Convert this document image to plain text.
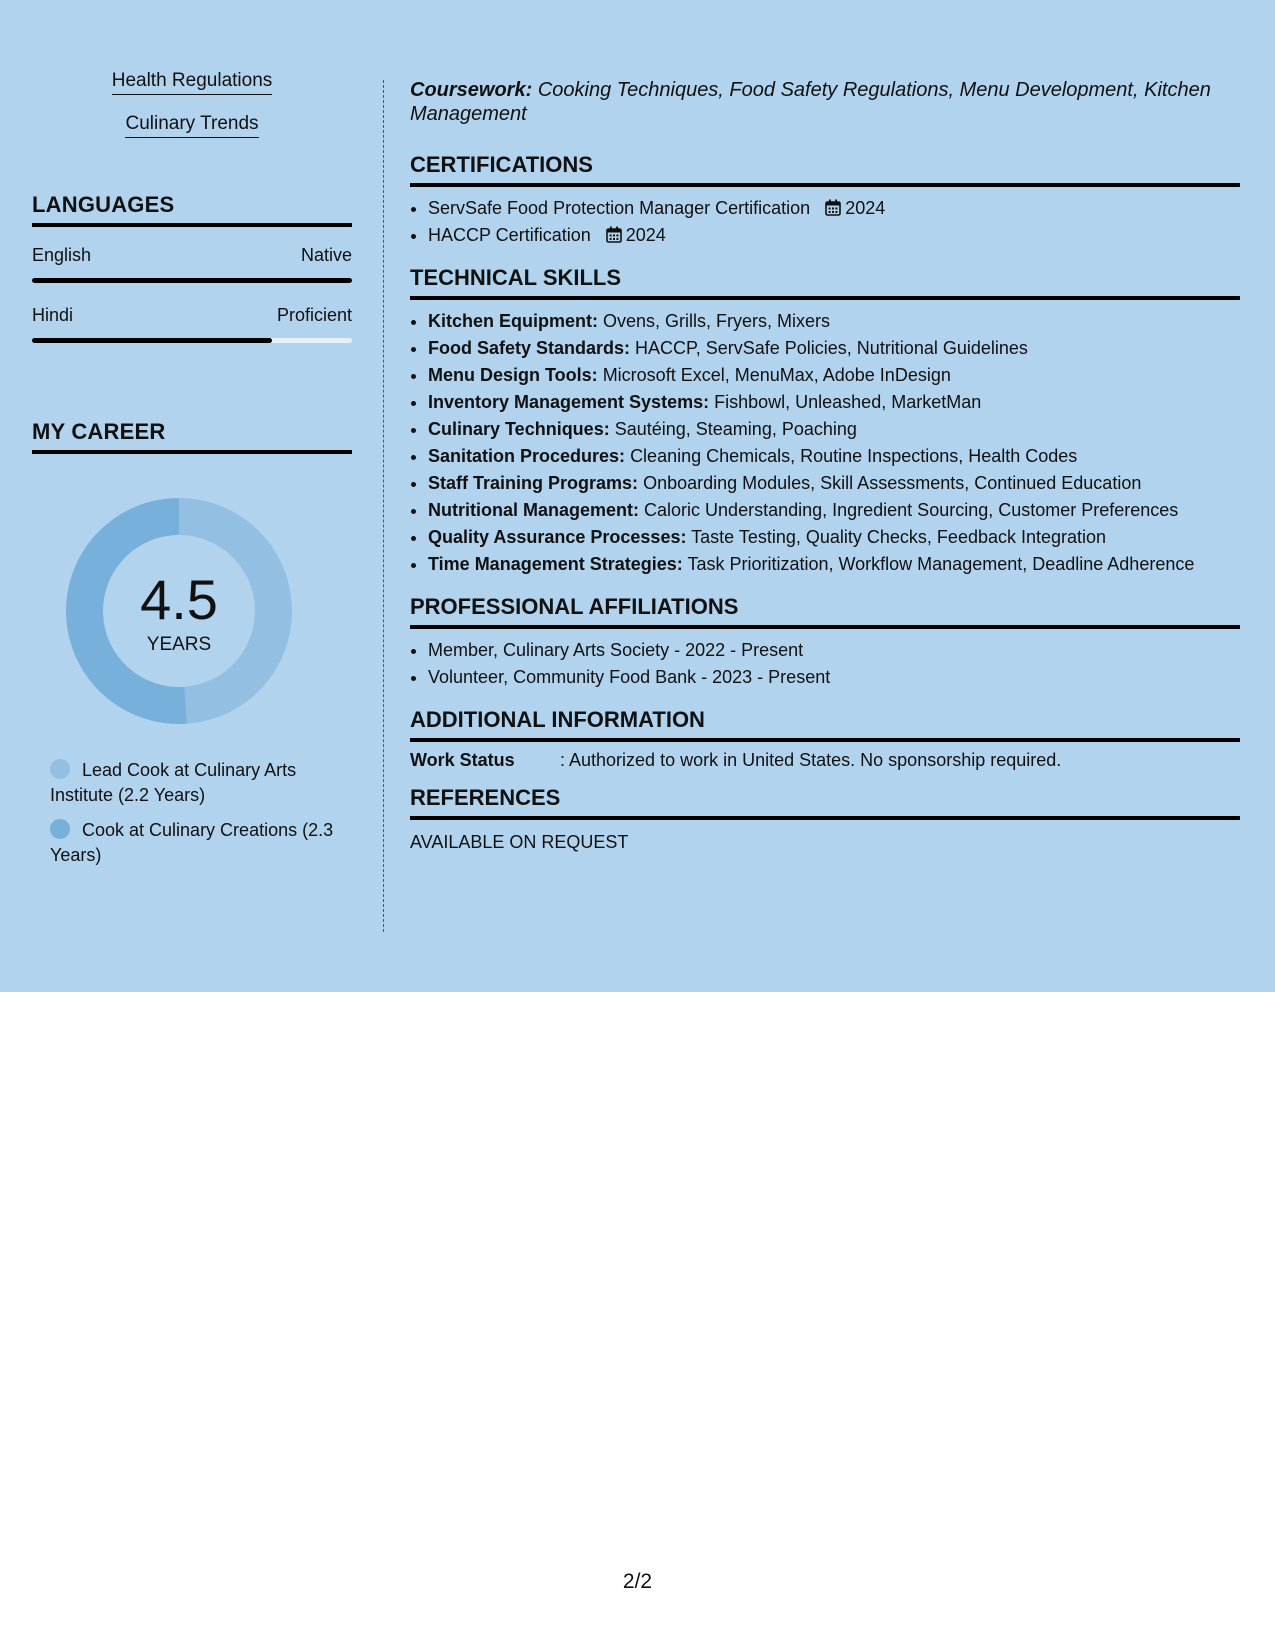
Health Regulations
Culinary Trends
LANGUAGES
English	Native
Hindi	Proficient
MY CAREER
4.5
YEARS
Lead Cook at Culinary Arts Institute (2.2 Years)
Cook at Culinary Creations (2.3 Years)

Coursework: Cooking Techniques, Food Safety Regulations, Menu Development, Kitchen Management

CERTIFICATIONS
• ServSafe Food Protection Manager Certification 2024
• HACCP Certification 2024
TECHNICAL SKILLS
• Kitchen Equipment: Ovens, Grills, Fryers, Mixers
• Food Safety Standards: HACCP, ServSafe Policies, Nutritional Guidelines
• Menu Design Tools: Microsoft Excel, MenuMax, Adobe InDesign
• Inventory Management Systems: Fishbowl, Unleashed, MarketMan
• Culinary Techniques: Sautéing, Steaming, Poaching
• Sanitation Procedures: Cleaning Chemicals, Routine Inspections, Health Codes
• Staff Training Programs: Onboarding Modules, Skill Assessments, Continued Education
• Nutritional Management: Caloric Understanding, Ingredient Sourcing, Customer Preferences
• Quality Assurance Processes: Taste Testing, Quality Checks, Feedback Integration
• Time Management Strategies: Task Prioritization, Workflow Management, Deadline Adherence
PROFESSIONAL AFFILIATIONS
• Member, Culinary Arts Society - 2022 - Present
• Volunteer, Community Food Bank - 2023 - Present
ADDITIONAL INFORMATION
Work Status	: Authorized to work in United States. No sponsorship required.
REFERENCES
AVAILABLE ON REQUEST
2/2
